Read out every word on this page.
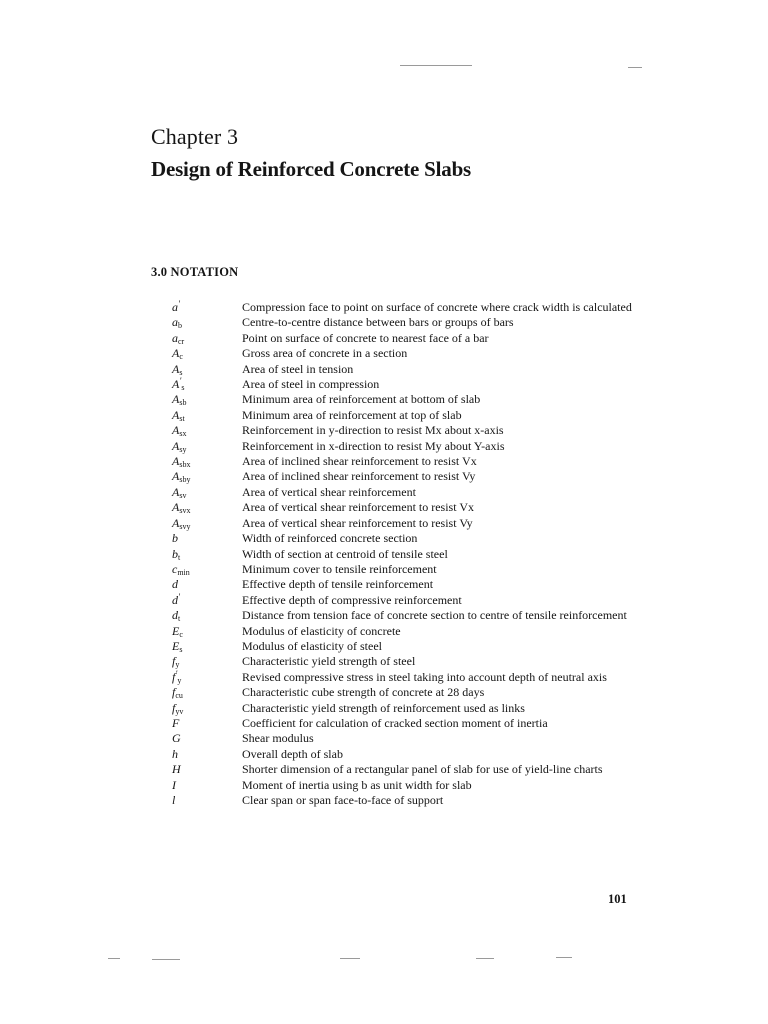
Chapter 3
Design of Reinforced Concrete Slabs
3.0 NOTATION
a′	Compression face to point on surface of concrete where crack width is calculated
$a_b$	Centre-to-centre distance between bars or groups of bars
$a_{cr}$	Point on surface of concrete to nearest face of a bar
$A_c$	Gross area of concrete in a section
$A_s$	Area of steel in tension
$A'_s$	Area of steel in compression
$A_{sb}$	Minimum area of reinforcement at bottom of slab
$A_{st}$	Minimum area of reinforcement at top of slab
$A_{sx}$	Reinforcement in y-direction to resist Mx about x-axis
$A_{sy}$	Reinforcement in x-direction to resist My about Y-axis
$A_{sbx}$	Area of inclined shear reinforcement to resist Vx
$A_{sby}$	Area of inclined shear reinforcement to resist Vy
$A_{sv}$	Area of vertical shear reinforcement
$A_{svx}$	Area of vertical shear reinforcement to resist Vx
$A_{svy}$	Area of vertical shear reinforcement to resist Vy
b	Width of reinforced concrete section
$b_t$	Width of section at centroid of tensile steel
$c_{min}$	Minimum cover to tensile reinforcement
d	Effective depth of tensile reinforcement
d′	Effective depth of compressive reinforcement
$d_t$	Distance from tension face of concrete section to centre of tensile reinforcement
$E_c$	Modulus of elasticity of concrete
$E_s$	Modulus of elasticity of steel
$f_y$	Characteristic yield strength of steel
$f'_y$	Revised compressive stress in steel taking into account depth of neutral axis
$f_{cu}$	Characteristic cube strength of concrete at 28 days
$f_{yv}$	Characteristic yield strength of reinforcement used as links
F	Coefficient for calculation of cracked section moment of inertia
G	Shear modulus
h	Overall depth of slab
H	Shorter dimension of a rectangular panel of slab for use of yield-line charts
I	Moment of inertia using b as unit width for slab
l	Clear span or span face-to-face of support
101
